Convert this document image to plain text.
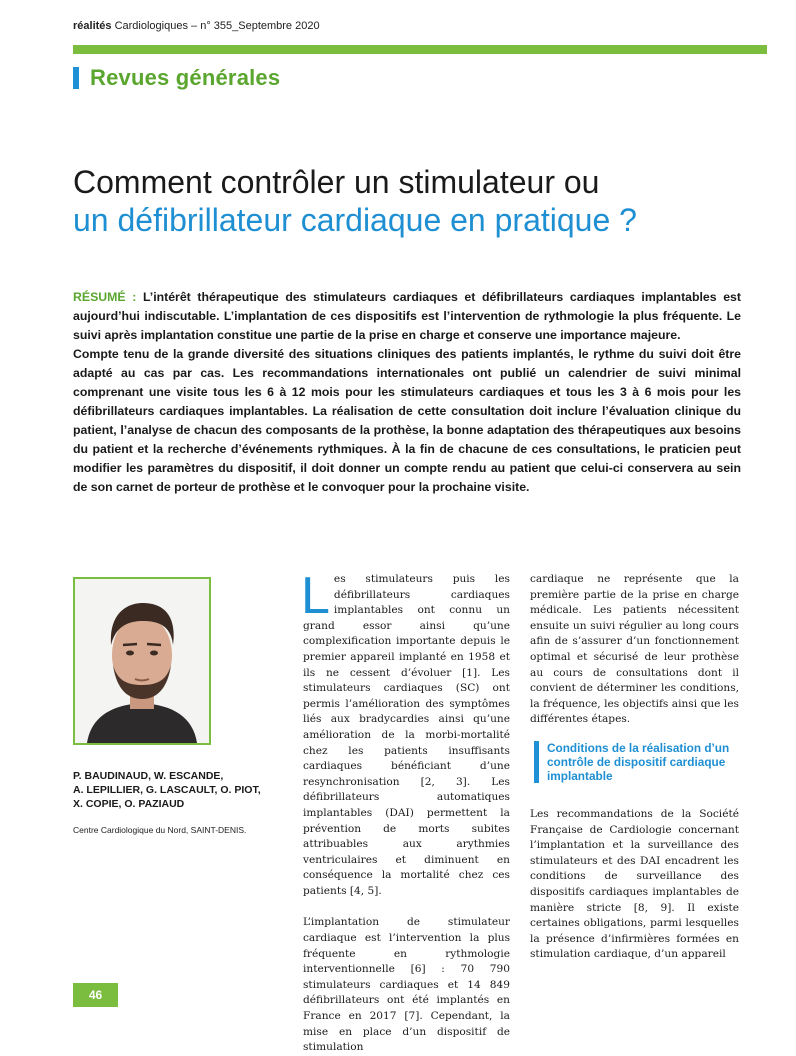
réalités Cardiologiques – n° 355_Septembre 2020
Revues générales
Comment contrôler un stimulateur ou
un défibrillateur cardiaque en pratique ?

RÉSUMÉ : L’intérêt thérapeutique des stimulateurs cardiaques et défibrillateurs cardiaques implantables est aujourd’hui indiscutable. L’implantation de ces dispositifs est l’intervention de rythmologie la plus fréquente. Le suivi après implantation constitue une partie de la prise en charge et conserve une importance majeure.

Compte tenu de la grande diversité des situations cliniques des patients implantés, le rythme du suivi doit être adapté au cas par cas. Les recommandations internationales ont publié un calendrier de suivi minimal comprenant une visite tous les 6 à 12 mois pour les stimulateurs cardiaques et tous les 3 à 6 mois pour les défibrillateurs cardiaques implantables. La réalisation de cette consultation doit inclure l’évaluation clinique du patient, l’analyse de chacun des composants de la prothèse, la bonne adaptation des thérapeutiques aux besoins du patient et la recherche d’événements rythmiques. À la fin de chacune de ces consultations, le praticien peut modifier les paramètres du dispositif, il doit donner un compte rendu au patient que celui-ci conservera au sein de son carnet de porteur de prothèse et le convoquer pour la prochaine visite.

P. BAUDINAUD, W. ESCANDE,
A. LEPILLIER, G. LASCAULT, O. PIOT,
X. COPIE, O. PAZIAUD
Centre Cardiologique du Nord, SAINT-DENIS.

Les stimulateurs puis les défibrillateurs cardiaques implantables ont connu un grand essor ainsi qu’une complexification importante depuis le premier appareil implanté en 1958 et ils ne cessent d’évoluer [1]. Les stimulateurs cardiaques (SC) ont permis l’amélioration des symptômes liés aux bradycardies ainsi qu’une amélioration de la morbi-mortalité chez les patients insuffisants cardiaques bénéficiant d’une resynchronisation [2, 3]. Les défibrillateurs automatiques implantables (DAI) permettent la prévention de morts subites attribuables aux arythmies ventriculaires et diminuent en conséquence la mortalité chez ces patients [4, 5].

L’implantation de stimulateur cardiaque est l’intervention la plus fréquente en rythmologie interventionnelle [6] : 70 790 stimulateurs cardiaques et 14 849 défibrillateurs ont été implantés en France en 2017 [7]. Cependant, la mise en place d’un dispositif de stimulation

cardiaque ne représente que la première partie de la prise en charge médicale. Les patients nécessitent ensuite un suivi régulier au long cours afin de s’assurer d’un fonctionnement optimal et sécurisé de leur prothèse au cours de consultations dont il convient de déterminer les conditions, la fréquence, les objectifs ainsi que les différentes étapes.

Conditions de la réalisation d’un contrôle de dispositif cardiaque implantable

Les recommandations de la Société Française de Cardiologie concernant l’implantation et la surveillance des stimulateurs et des DAI encadrent les conditions de surveillance des dispositifs cardiaques implantables de manière stricte [8, 9]. Il existe certaines obligations, parmi lesquelles la présence d’infirmières formées en stimulation cardiaque, d’un appareil

46
